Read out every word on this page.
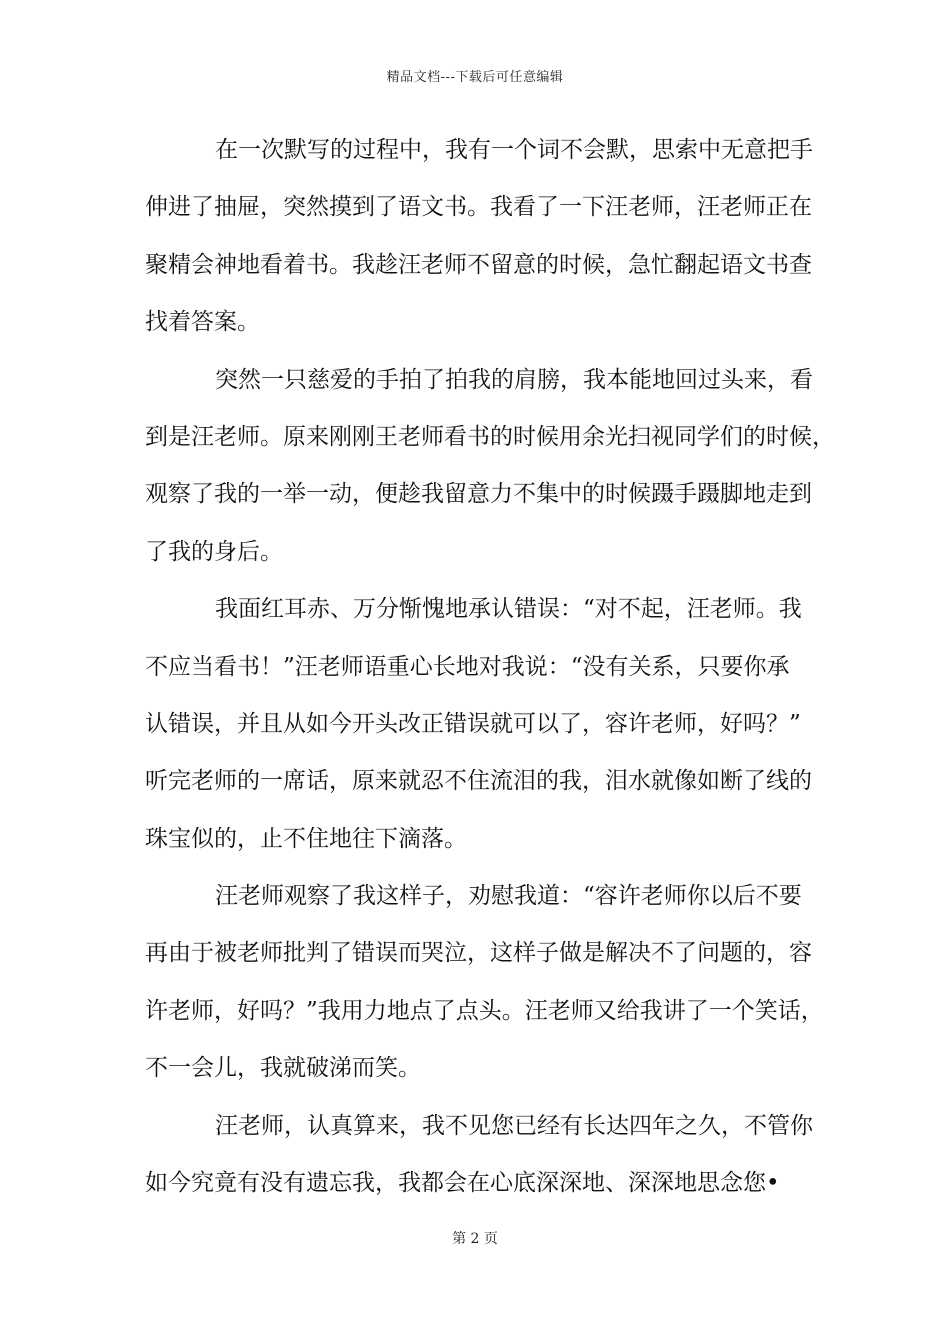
精品文档---下载后可任意编辑
在一次默写的过程中，我有一个词不会默，思索中无意把手
伸进了抽屉，突然摸到了语文书。我看了一下汪老师，汪老师正在
聚精会神地看着书。我趁汪老师不留意的时候，急忙翻起语文书查
找着答案。
突然一只慈爱的手拍了拍我的肩膀，我本能地回过头来，看
到是汪老师。原来刚刚王老师看书的时候用余光扫视同学们的时候，
观察了我的一举一动，便趁我留意力不集中的时候蹑手蹑脚地走到
了我的身后。
我面红耳赤、万分惭愧地承认错误：“对不起，汪老师。我
不应当看书！”汪老师语重心长地对我说：“没有关系，只要你承
认错误，并且从如今开头改正错误就可以了，容许老师，好吗？”
听完老师的一席话，原来就忍不住流泪的我，泪水就像如断了线的
珠宝似的，止不住地往下滴落。
汪老师观察了我这样子，劝慰我道：“容许老师你以后不要
再由于被老师批判了错误而哭泣，这样子做是解决不了问题的，容
许老师，好吗？”我用力地点了点头。汪老师又给我讲了一个笑话，
不一会儿，我就破涕而笑。
汪老师，认真算来，我不见您已经有长达四年之久，不管你
如今究竟有没有遗忘我，我都会在心底深深地、深深地思念您•
第 2 页
